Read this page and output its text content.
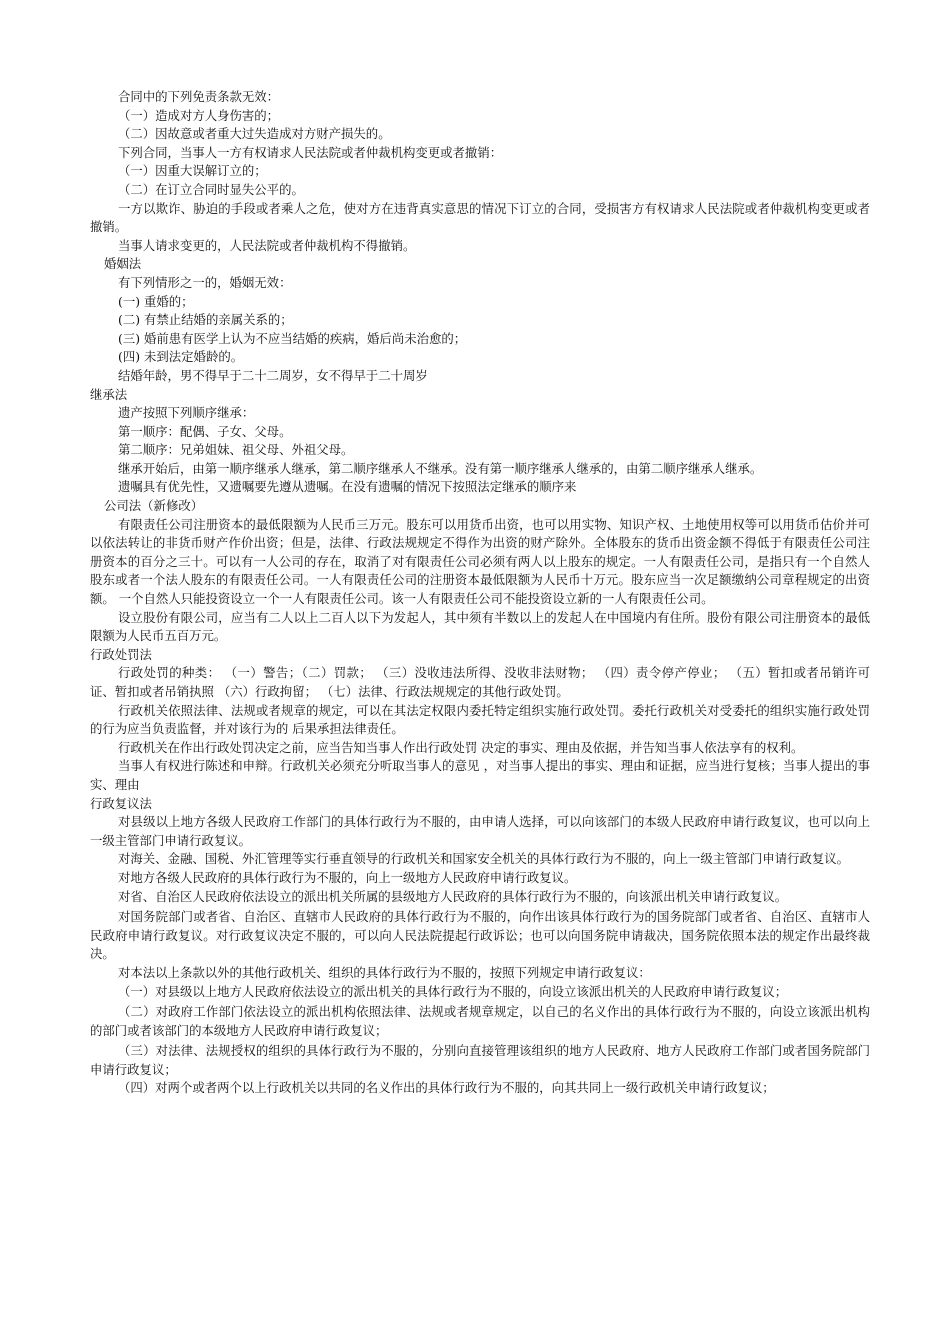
合同中的下列免责条款无效：

（一）造成对方人身伤害的；

（二）因故意或者重大过失造成对方财产损失的。

下列合同，当事人一方有权请求人民法院或者仲裁机构变更或者撤销：

（一）因重大误解订立的；

（二）在订立合同时显失公平的。

一方以欺诈、胁迫的手段或者乘人之危，使对方在违背真实意思的情况下订立的合同，受损害方有权请求人民法院或者仲裁机构变更或者撤销。

当事人请求变更的，人民法院或者仲裁机构不得撤销。

婚姻法

有下列情形之一的，婚姻无效：

(一) 重婚的；

(二) 有禁止结婚的亲属关系的；

(三) 婚前患有医学上认为不应当结婚的疾病，婚后尚未治愈的；

(四) 未到法定婚龄的。

结婚年龄，男不得早于二十二周岁，女不得早于二十周岁

继承法

遗产按照下列顺序继承：

第一顺序：配偶、子女、父母。

第二顺序：兄弟姐妹、祖父母、外祖父母。

继承开始后，由第一顺序继承人继承，第二顺序继承人不继承。没有第一顺序继承人继承的，由第二顺序继承人继承。

遗嘱具有优先性，又遗嘱要先遵从遗嘱。在没有遗嘱的情况下按照法定继承的顺序来

公司法（新修改）

有限责任公司注册资本的最低限额为人民币三万元。股东可以用货币出资，也可以用实物、知识产权、土地使用权等可以用货币估价并可以依法转让的非货币财产作价出资；但是，法律、行政法规规定不得作为出资的财产除外。全体股东的货币出资金额不得低于有限责任公司注册资本的百分之三十。可以有一人公司的存在，取消了对有限责任公司必须有两人以上股东的规定。一人有限责任公司，是指只有一个自然人股东或者一个法人股东的有限责任公司。一人有限责任公司的注册资本最低限额为人民币十万元。股东应当一次足额缴纳公司章程规定的出资额。 一个自然人只能投资设立一个一人有限责任公司。该一人有限责任公司不能投资设立新的一人有限责任公司。

设立股份有限公司，应当有二人以上二百人以下为发起人，其中须有半数以上的发起人在中国境内有住所。股份有限公司注册资本的最低限额为人民币五百万元。

行政处罚法

行政处罚的种类： （一）警告；（二）罚款； （三）没收违法所得、没收非法财物； （四）责令停产停业； （五）暂扣或者吊销许可证、暂扣或者吊销执照 （六）行政拘留； （七）法律、行政法规规定的其他行政处罚。

行政机关依照法律、法规或者规章的规定，可以在其法定权限内委托特定组织实施行政处罚。委托行政机关对受委托的组织实施行政处罚的行为应当负责监督，并对该行为的 后果承担法律责任。

行政机关在作出行政处罚决定之前，应当告知当事人作出行政处罚 决定的事实、理由及依据，并告知当事人依法享有的权利。

当事人有权进行陈述和申辩。行政机关必须充分听取当事人的意见 ，对当事人提出的事实、理由和证据，应当进行复核；当事人提出的事实、理由

行政复议法

对县级以上地方各级人民政府工作部门的具体行政行为不服的，由申请人选择，可以向该部门的本级人民政府申请行政复议，也可以向上一级主管部门申请行政复议。

对海关、金融、国税、外汇管理等实行垂直领导的行政机关和国家安全机关的具体行政行为不服的，向上一级主管部门申请行政复议。

对地方各级人民政府的具体行政行为不服的，向上一级地方人民政府申请行政复议。

对省、自治区人民政府依法设立的派出机关所属的县级地方人民政府的具体行政行为不服的，向该派出机关申请行政复议。

对国务院部门或者省、自治区、直辖市人民政府的具体行政行为不服的，向作出该具体行政行为的国务院部门或者省、自治区、直辖市人民政府申请行政复议。对行政复议决定不服的，可以向人民法院提起行政诉讼；也可以向国务院申请裁决，国务院依照本法的规定作出最终裁决。

对本法以上条款以外的其他行政机关、组织的具体行政行为不服的，按照下列规定申请行政复议：

（一）对县级以上地方人民政府依法设立的派出机关的具体行政行为不服的，向设立该派出机关的人民政府申请行政复议；

（二）对政府工作部门依法设立的派出机构依照法律、法规或者规章规定，以自己的名义作出的具体行政行为不服的，向设立该派出机构的部门或者该部门的本级地方人民政府申请行政复议；

（三）对法律、法规授权的组织的具体行政行为不服的，分别向直接管理该组织的地方人民政府、地方人民政府工作部门或者国务院部门申请行政复议；

（四）对两个或者两个以上行政机关以共同的名义作出的具体行政行为不服的，向其共同上一级行政机关申请行政复议；
